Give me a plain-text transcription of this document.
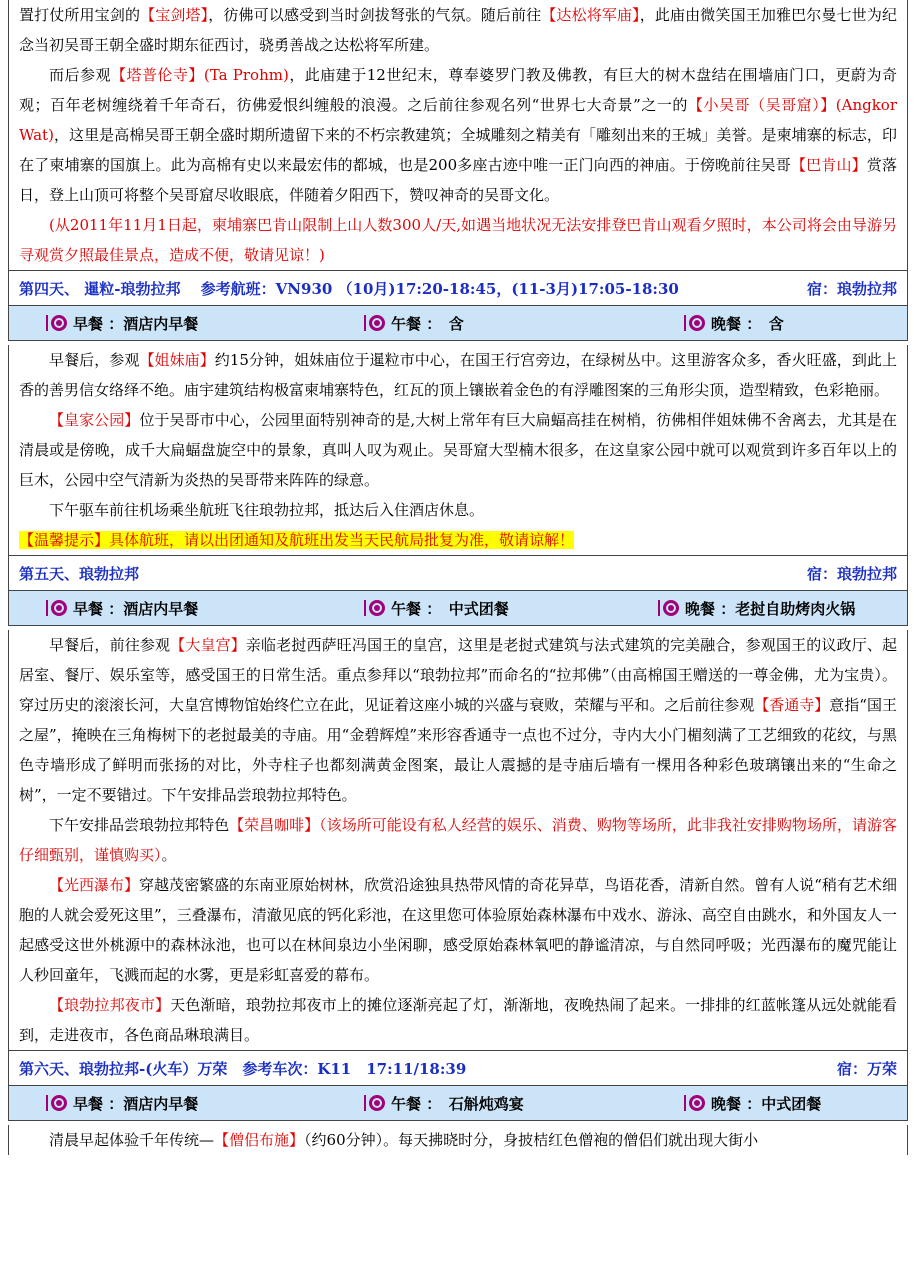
置打仗所用宝剑的【宝剑塔】，彷佛可以感受到当时剑拔弩张的气氛。随后前往【达松将军庙】，此庙由微笑国王加雅巴尔曼七世为纪念当初吴哥王朝全盛时期东征西讨，骁勇善战之达松将军所建。

而后参观【塔普伦寺】(Ta Prohm)，此庙建于12世纪末，尊奉婆罗门教及佛教，有巨大的树木盘结在围墙庙门口，更蔚为奇观；百年老树缠绕着千年奇石，彷佛爱恨纠缠般的浪漫。之后前往参观名列“世界七大奇景”之一的【小吴哥（吴哥窟）】(Angkor Wat)，这里是高棉吴哥王朝全盛时期所遗留下来的不朽宗教建筑；全城雕刻之精美有「雕刻出来的王城」美誉。是柬埔寨的标志，印在了柬埔寨的国旗上。此为高棉有史以来最宏伟的都城，也是200多座古迹中唯一正门向西的神庙。于傍晚前往吴哥【巴肯山】赏落日，登上山顶可将整个吴哥窟尽收眼底，伴随着夕阳西下，赞叹神奇的吴哥文化。

(从2011年11月1日起，柬埔寨巴肯山限制上山人数300人/天,如遇当地状况无法安排登巴肯山观看夕照时，本公司将会由导游另寻观赏夕照最佳景点，造成不便，敬请见谅！)

第四天、 暹粒-琅勃拉邦　 参考航班：VN930 （10月)17:20-18:45，(11-3月)17:05-18:30	宿：琅勃拉邦
早餐 ：酒店内早餐	午餐 ：　含	晚餐 ：　含

早餐后，参观【姐妹庙】约15分钟，姐妹庙位于暹粒市中心，在国王行宫旁边，在绿树丛中。这里游客众多，香火旺盛，到此上香的善男信女络绎不绝。庙宇建筑结构极富柬埔寨特色，红瓦的顶上镶嵌着金色的有浮雕图案的三角形尖顶，造型精致，色彩艳丽。

【皇家公园】位于吴哥市中心，公园里面特别神奇的是,大树上常年有巨大扁蝠高挂在树梢，彷佛相伴姐妹佛不舍离去，尤其是在清晨或是傍晚，成千大扁蝠盘旋空中的景象，真叫人叹为观止。吴哥窟大型楠木很多，在这皇家公园中就可以观赏到许多百年以上的巨木，公园中空气清新为炎热的吴哥带来阵阵的绿意。

下午驱车前往机场乘坐航班飞往琅勃拉邦，抵达后入住酒店休息。

【温馨提示】具体航班，请以出团通知及航班出发当天民航局批复为准，敬请谅解！

第五天、琅勃拉邦	宿：琅勃拉邦
早餐 ：酒店内早餐	午餐 ：　中式团餐	晚餐 ：老挝自助烤肉火锅

早餐后，前往参观【大皇宫】亲临老挝西萨旺冯国王的皇宫，这里是老挝式建筑与法式建筑的完美融合，参观国王的议政厅、起居室、餐厅、娱乐室等，感受国王的日常生活。重点参拜以“琅勃拉邦”而命名的“拉邦佛”（由高棉国王赠送的一尊金佛，尤为宝贵）。穿过历史的滚滚长河，大皇宫博物馆始终伫立在此，见证着这座小城的兴盛与衰败，荣耀与平和。之后前往参观【香通寺】意指“国王之屋”，掩映在三角梅树下的老挝最美的寺庙。用“金碧辉煌”来形容香通寺一点也不过分，寺内大小门楣刻满了工艺细致的花纹，与黑色寺墙形成了鲜明而张扬的对比，外寺柱子也都刻满黄金图案，最让人震撼的是寺庙后墙有一棵用各种彩色玻璃镶出来的“生命之树”，一定不要错过。下午安排品尝琅勃拉邦特色。

下午安排品尝琅勃拉邦特色【荣昌咖啡】（该场所可能设有私人经营的娱乐、消费、购物等场所，此非我社安排购物场所，请游客仔细甄别，谨慎购买）。

【光西瀑布】穿越茂密繁盛的东南亚原始树林，欣赏沿途独具热带风情的奇花异草，鸟语花香，清新自然。曾有人说“稍有艺术细胞的人就会爱死这里”，三叠瀑布，清澈见底的钙化彩池，在这里您可体验原始森林瀑布中戏水、游泳、高空自由跳水，和外国友人一起感受这世外桃源中的森林泳池，也可以在林间泉边小坐闲聊，感受原始森林氧吧的静谧清凉，与自然同呼吸；光西瀑布的魔咒能让人秒回童年，飞溅而起的水雾，更是彩虹喜爱的幕布。

【琅勃拉邦夜市】天色渐暗，琅勃拉邦夜市上的摊位逐渐亮起了灯，渐渐地，夜晚热闹了起来。一排排的红蓝帐篷从远处就能看到，走进夜市，各色商品琳琅满目。

第六天、琅勃拉邦-(火车）万荣　参考车次：K11　17:11/18:39	宿：万荣
早餐 ：酒店内早餐	午餐 ：　石斛炖鸡宴	晚餐 ：中式团餐

清晨早起体验千年传统—【僧侣布施】（约60分钟）。每天拂晓时分，身披桔红色僧袍的僧侣们就出现大街小
